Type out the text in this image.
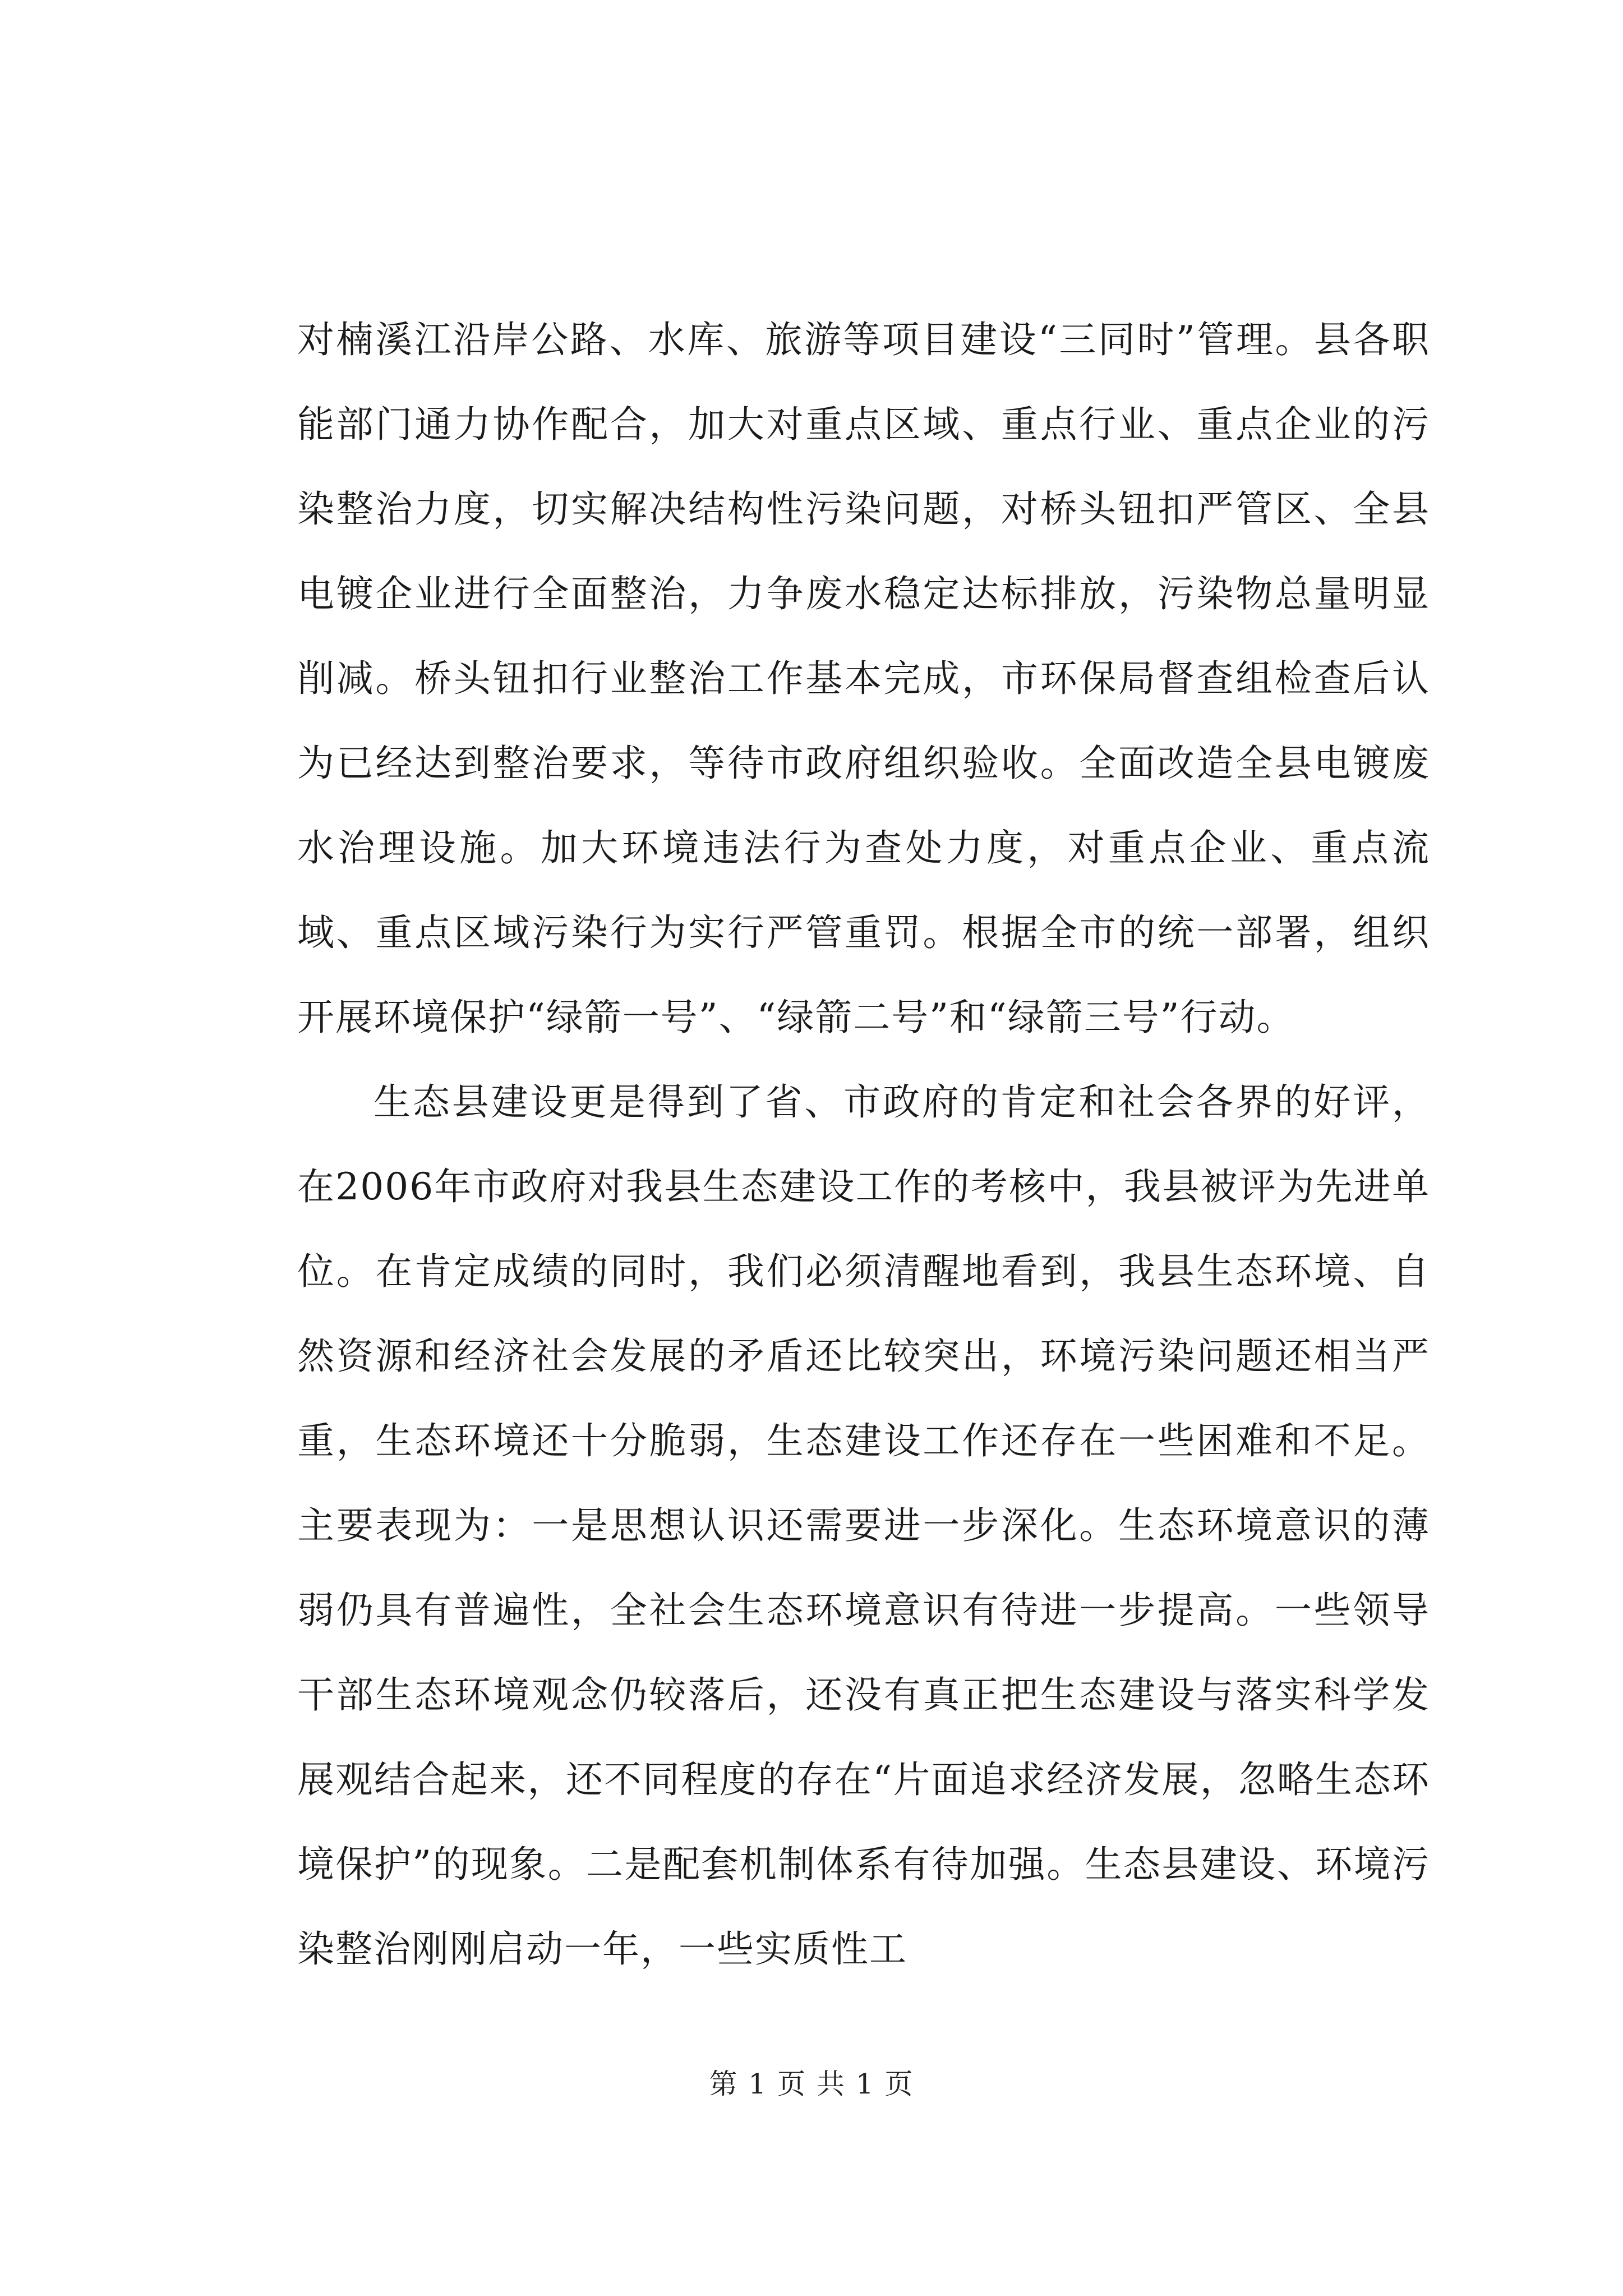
对楠溪江沿岸公路、水库、旅游等项目建设“三同时”管理。县各职能部门通力协作配合，加大对重点区域、重点行业、重点企业的污染整治力度，切实解决结构性污染问题，对桥头钮扣严管区、全县电镀企业进行全面整治，力争废水稳定达标排放，污染物总量明显削减。桥头钮扣行业整治工作基本完成，市环保局督查组检查后认为已经达到整治要求，等待市政府组织验收。全面改造全县电镀废水治理设施。加大环境违法行为查处力度，对重点企业、重点流域、重点区域污染行为实行严管重罚。根据全市的统一部署，组织开展环境保护“绿箭一号”、“绿箭二号”和“绿箭三号”行动。

生态县建设更是得到了省、市政府的肯定和社会各界的好评，在2006年市政府对我县生态建设工作的考核中，我县被评为先进单位。在肯定成绩的同时，我们必须清醒地看到，我县生态环境、自然资源和经济社会发展的矛盾还比较突出，环境污染问题还相当严重，生态环境还十分脆弱，生态建设工作还存在一些困难和不足。主要表现为：一是思想认识还需要进一步深化。生态环境意识的薄弱仍具有普遍性，全社会生态环境意识有待进一步提高。一些领导干部生态环境观念仍较落后，还没有真正把生态建设与落实科学发展观结合起来，还不同程度的存在“片面追求经济发展，忽略生态环境保护”的现象。二是配套机制体系有待加强。生态县建设、环境污染整治刚刚启动一年，一些实质性工

第 1 页 共 1 页
